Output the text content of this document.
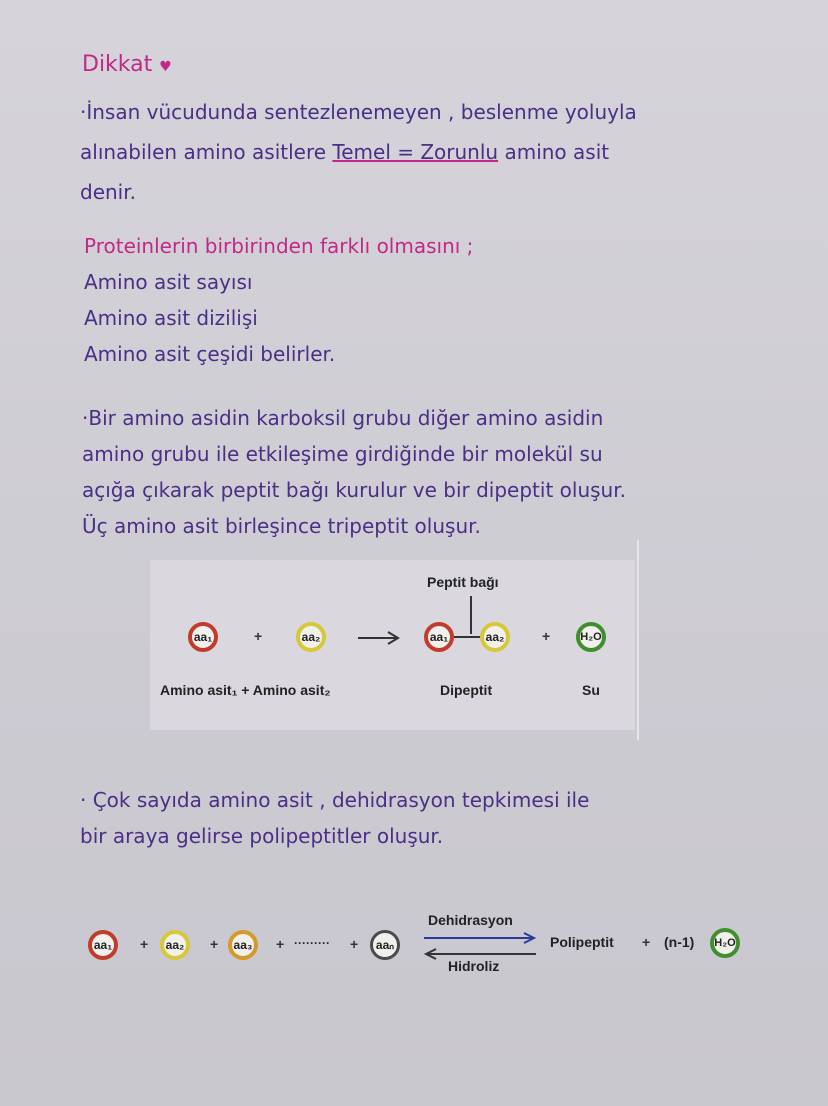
Dikkat ♥
·İnsan vücudunda sentezlenemeyen , beslenme yoluyla
alınabilen amino asitlere Temel = Zorunlu amino asit
denir.
Proteinlerin birbirinden farklı olmasını ;
Amino asit sayısı
Amino asit dizilişi
Amino asit çeşidi belirler.
·Bir amino asidin karboksil grubu diğer amino asidin
amino grubu ile etkileşime girdiğinde bir molekül su
açığa çıkarak peptit bağı kurulur ve bir dipeptit oluşur.
Üç amino asit birleşince tripeptit oluşur.
Peptit bağı
aa₁	+	aa₂	aa₁	aa₂	+	H₂O
Amino asit₁ + Amino asit₂	Dipeptit	Su
· Çok sayıda amino asit , dehidrasyon tepkimesi ile
bir araya gelirse polipeptitler oluşur.
aa₁	+	aa₂	+	aa₃	+ ········· +	aaₙ
Dehidrasyon
Hidroliz
Polipeptit + (n-1)	H₂O
